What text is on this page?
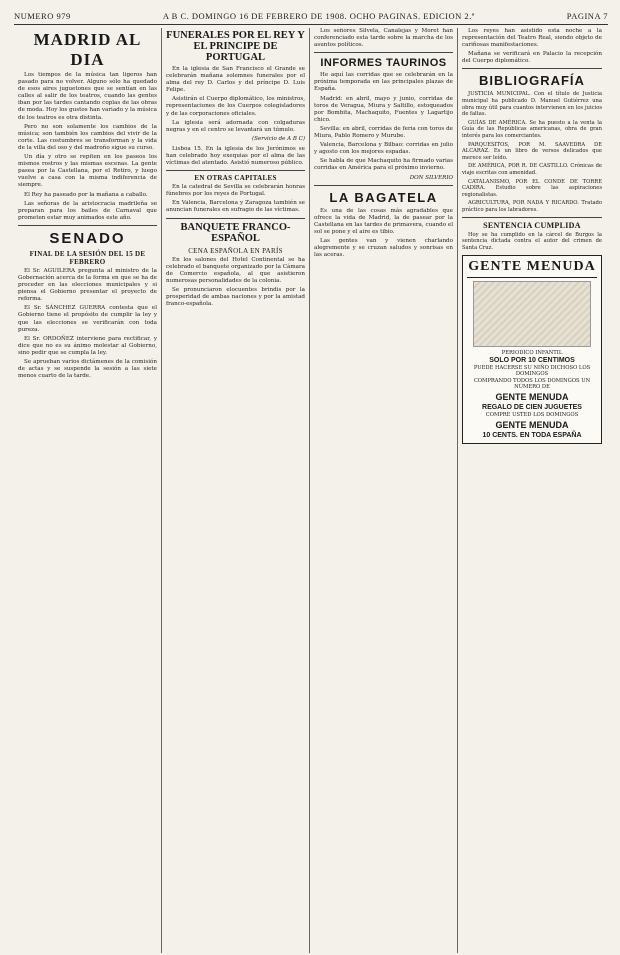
NUMERO 979	A B C. DOMINGO 16 DE FEBRERO DE 1908. OCHO PAGINAS. EDICION 2.ª	PAGINA 7
MADRID AL DIA

Los tiempos de la música tan ligeros han pasado para no volver. Alguno sólo ha quedado de esos aires juguetones que se sentían en las calles al salir de los teatros, cuando las gentes iban por las tardes cantando coplas de las obras de moda. Hoy los gustos han variado y la música de los teatros es otra distinta.

Pero no son solamente los cambios de la música; son también los cambios del vivir de la corte. Las costumbres se transforman y la vida de la villa del oso y del madroño sigue su curso.

Un día y otro se repiten en los paseos los mismos rostros y las mismas escenas. La gente pasea por la Castellana, por el Retiro, y luego vuelve a casa con la misma indiferencia de siempre.

El Rey ha paseado por la mañana a caballo.

Las señoras de la aristocracia madrileña se preparan para los bailes de Carnaval que prometen estar muy animados este año.

SENADO
FINAL DE LA SESIÓN DEL 15 DE FEBRERO

El Sr. AGUILERA pregunta al ministro de la Gobernación acerca de la forma en que se ha de proceder en las elecciones municipales y si piensa el Gobierno presentar el proyecto de reforma.

El Sr. SÁNCHEZ GUERRA contesta que el Gobierno tiene el propósito de cumplir la ley y que las elecciones se verificarán con toda pureza.

El Sr. ORDOÑEZ interviene para rectificar, y dice que no es su ánimo molestar al Gobierno, sino pedir que se cumpla la ley.

Se aprueban varios dictámenes de la comisión de actas y se suspende la sesión a las siete menos cuarto de la tarde.

FUNERALES POR EL REY Y EL PRINCIPE DE PORTUGAL

En la iglesia de San Francisco el Grande se celebrarán mañana solemnes funerales por el alma del rey D. Carlos y del príncipe D. Luis Felipe.

Asistirán el Cuerpo diplomático, los ministros, representaciones de los Cuerpos colegisladores y de las corporaciones oficiales.

La iglesia será adornada con colgaduras negras y en el centro se levantará un túmulo.

(Servicio de A B C)

Lisboa 15. En la iglesia de los Jerónimos se han celebrado hoy exequias por el alma de las víctimas del atentado. Asistió numeroso público.

EN OTRAS CAPITALES

En la catedral de Sevilla se celebrarán honras fúnebres por los reyes de Portugal.

En Valencia, Barcelona y Zaragoza también se anuncian funerales en sufragio de las víctimas.

BANQUETE FRANCO-ESPAÑOL
CENA ESPAÑOLA EN PARÍS

En los salones del Hotel Continental se ha celebrado el banquete organizado por la Cámara de Comercio española, al que asistieron numerosas personalidades de la colonia.

Se pronunciaron elocuentes brindis por la prosperidad de ambas naciones y por la amistad franco-española.

Los señores Silvela, Canalejas y Moret han conferenciado esta tarde sobre la marcha de los asuntos políticos.

INFORMES TAURINOS

He aquí las corridas que se celebrarán en la próxima temporada en las principales plazas de España.

Madrid: en abril, mayo y junio, corridas de toros de Veragua, Miura y Saltillo, estoqueados por Bombita, Machaquito, Fuentes y Lagartijo chico.

Sevilla: en abril, corridas de feria con toros de Miura, Pablo Romero y Murube.

Valencia, Barcelona y Bilbao: corridas en julio y agosto con los mejores espadas.

Se habla de que Machaquito ha firmado varias corridas en América para el próximo invierno.

DON SILVERIO

LA BAGATELA

Es una de las cosas más agradables que ofrece la vida de Madrid, la de pasear por la Castellana en las tardes de primavera, cuando el sol se pone y el aire es tibio.

Las gentes van y vienen charlando alegremente y se cruzan saludos y sonrisas en las aceras.

Los reyes han asistido esta noche a la representación del Teatro Real, siendo objeto de cariñosas manifestaciones.

Mañana se verificará en Palacio la recepción del Cuerpo diplomático.

BIBLIOGRAFÍA

JUSTICIA MUNICIPAL. Con el título de Justicia municipal ha publicado D. Manuel Gutiérrez una obra muy útil para cuantos intervienen en los juicios de faltas.

GUÍAS DE AMÉRICA. Se ha puesto a la venta la Guía de las Repúblicas americanas, obra de gran interés para los comerciantes.

PARQUESITOS, POR M. SAAVEDRA DE ALCARAZ. Es un libro de versos delicados que merece ser leído.

DE AMÉRICA, POR R. DE CASTILLO. Crónicas de viaje escritas con amenidad.

CATALANISMO, POR EL CONDE DE TORRE CADIRA. Estudio sobre las aspiraciones regionalistas.

AGRICULTURA, POR NADA Y RICARDO. Tratado práctico para los labradores.

SENTENCIA CUMPLIDA

Hoy se ha cumplido en la cárcel de Burgos la sentencia dictada contra el autor del crimen de Santa Cruz.

GENTE MENUDA
PERIODICO INFANTIL
SOLO POR 10 CENTIMOS
PUEDE HACERSE SU NIÑO DICHOSO LOS DOMINGOS
COMPRANDO TODOS LOS DOMINGOS UN NÚMERO DE
GENTE MENUDA
REGALO DE CIEN JUGUETES
COMPRE USTED LOS DOMINGOS
GENTE MENUDA
10 CENTS. EN TODA ESPAÑA
